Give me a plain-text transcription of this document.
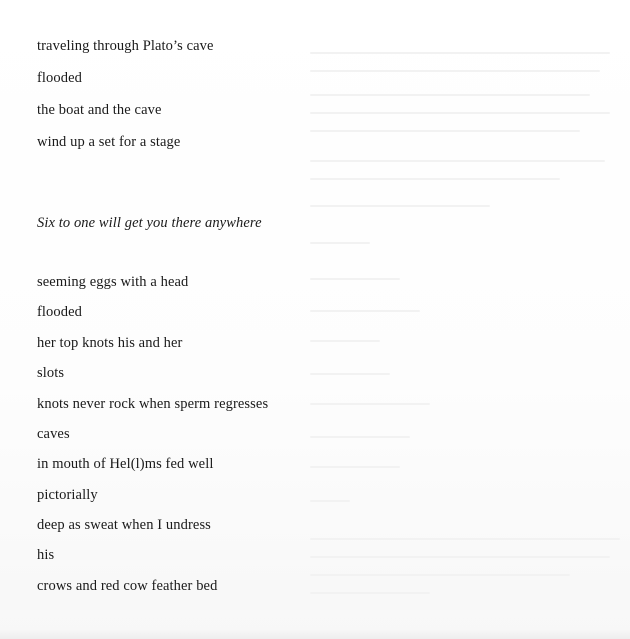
traveling through Plato’s cave
flooded
the boat and the cave
wind up a set for a stage
Six to one will get you there anywhere
seeming eggs with a head
flooded
her top knots his and her
slots
knots never rock when sperm regresses
caves
in mouth of Hel(l)ms fed well
pictorially
deep as sweat when I undress
his
crows and red cow feather bed
